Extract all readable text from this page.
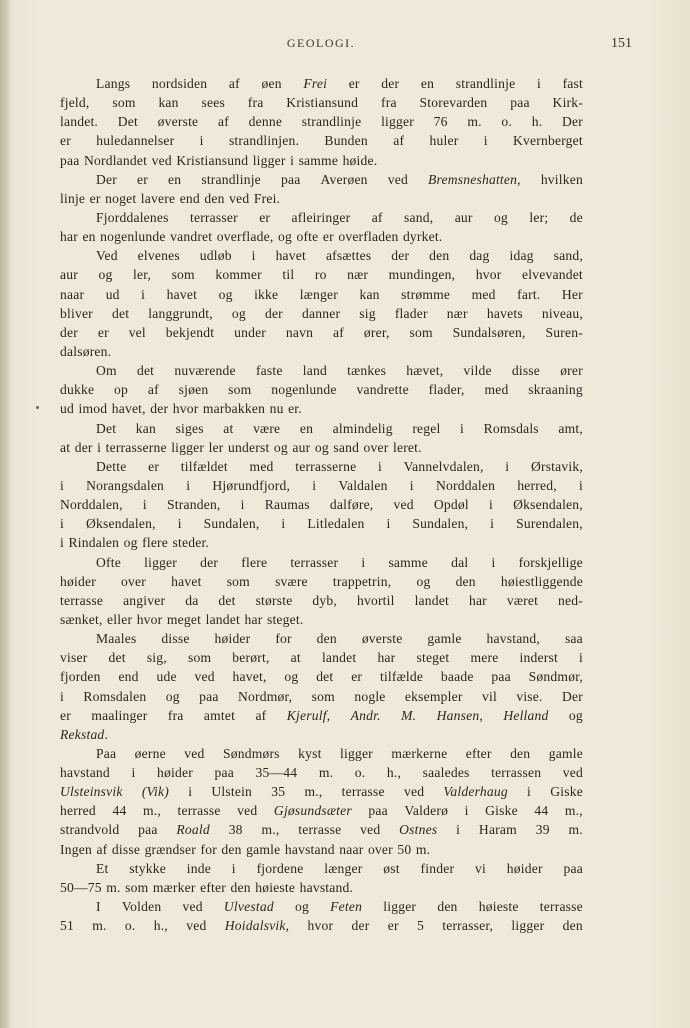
GEOLOGI.	151
Langs nordsiden af øen Frei er der en strandlinje i fast
fjeld, som kan sees fra Kristiansund fra Storevarden paa Kirk-
landet. Det øverste af denne strandlinje ligger 76 m. o. h. Der
er huledannelser i strandlinjen. Bunden af huler i Kvernberget
paa Nordlandet ved Kristiansund ligger i samme høide.
Der er en strandlinje paa Averøen ved Bremsneshatten, hvilken
linje er noget lavere end den ved Frei.
Fjorddalenes terrasser er afleiringer af sand, aur og ler; de
har en nogenlunde vandret overflade, og ofte er overfladen dyrket.
Ved elvenes udløb i havet afsættes der den dag idag sand,
aur og ler, som kommer til ro nær mundingen, hvor elvevandet
naar ud i havet og ikke længer kan strømme med fart. Her
bliver det langgrundt, og der danner sig flader nær havets niveau,
der er vel bekjendt under navn af ører, som Sundalsøren, Suren-
dalsøren.
Om det nuværende faste land tænkes hævet, vilde disse ører
dukke op af sjøen som nogenlunde vandrette flader, med skraaning
ud imod havet, der hvor marbakken nu er.
Det kan siges at være en almindelig regel i Romsdals amt,
at der i terrasserne ligger ler underst og aur og sand over leret.
Dette er tilfældet med terrasserne i Vannelvdalen, i Ørstavik,
i Norangsdalen i Hjørundfjord, i Valdalen i Norddalen herred, i
Norddalen, i Stranden, i Raumas dalføre, ved Opdøl i Øksendalen,
i Øksendalen, i Sundalen, i Litledalen i Sundalen, i Surendalen,
i Rindalen og flere steder.
Ofte ligger der flere terrasser i samme dal i forskjellige
høider over havet som svære trappetrin, og den høiestliggende
terrasse angiver da det største dyb, hvortil landet har været ned-
sænket, eller hvor meget landet har steget.
Maales disse høider for den øverste gamle havstand, saa
viser det sig, som berørt, at landet har steget mere inderst i
fjorden end ude ved havet, og det er tilfælde baade paa Søndmør,
i Romsdalen og paa Nordmør, som nogle eksempler vil vise. Der
er maalinger fra amtet af Kjerulf, Andr. M. Hansen, Helland og
Rekstad.
Paa øerne ved Søndmørs kyst ligger mærkerne efter den gamle
havstand i høider paa 35—44 m. o. h., saaledes terrassen ved
Ulsteinsvik (Vik) i Ulstein 35 m., terrasse ved Valderhaug i Giske
herred 44 m., terrasse ved Gjøsundsæter paa Valderø i Giske 44 m.,
strandvold paa Roald 38 m., terrasse ved Ostnes i Haram 39 m.
Ingen af disse grændser for den gamle havstand naar over 50 m.
Et stykke inde i fjordene længer øst finder vi høider paa
50—75 m. som mærker efter den høieste havstand.
I Volden ved Ulvestad og Feten ligger den høieste terrasse
51 m. o. h., ved Hoidalsvik, hvor der er 5 terrasser, ligger den
